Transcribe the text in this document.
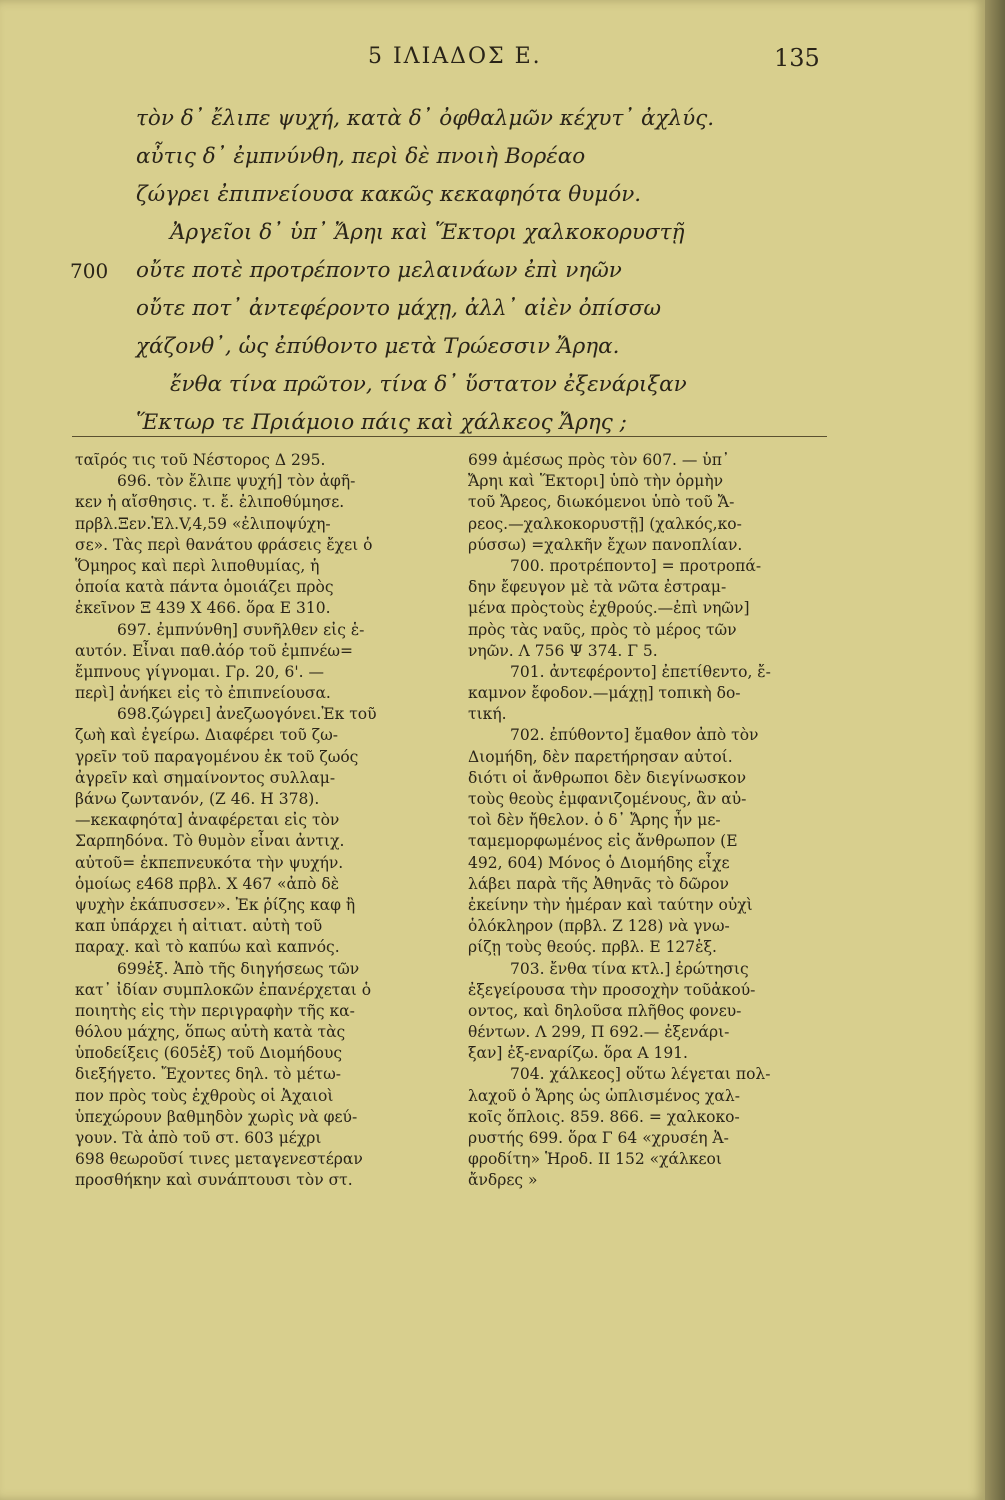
5 ΙΛΙΑΔΟΣ Ε.	135
τὸν δ᾿ ἔλιπε ψυχή, κατὰ δ᾿ ὀφθαλμῶν κέχυτ᾿ ἀχλύς.
αὖτις δ᾿ ἐμπνύνθη, περὶ δὲ πνοιὴ Βορέαο
ζώγρει ἐπιπνείουσα κακῶς κεκαφηότα θυμόν.
Ἀργεῖοι δ᾿ ὑπ᾿ Ἄρηι καὶ Ἕκτορι χαλκοκορυστῇ
700 οὔτε ποτὲ προτρέποντο μελαινάων ἐπὶ νηῶν
οὔτε ποτ᾿ ἀντεφέροντο μάχῃ, ἀλλ᾿ αἰὲν ὀπίσσω
χάζονθ᾿, ὡς ἐπύθοντο μετὰ Τρώεσσιν Ἄρηα.
ἔνθα τίνα πρῶτον, τίνα δ᾿ ὕστατον ἐξενάριξαν
Ἕκτωρ τε Πριάμοιο πάις καὶ χάλκεος Ἄρης ;
ταῖρός τις τοῦ Νέστορος Δ 295.
696. τὸν ἔλιπε ψυχή] τὸν ἀφῆ-
κεν ἡ αἴσθησις. τ. ἔ. ἐλιποθύμησε.
πρβλ.Ξεν.Ἑλ.V,4,59 «ἐλιποψύχη-
σε». Τὰς περὶ θανάτου φράσεις ἔχει ὁ
Ὅμηρος καὶ περὶ λιποθυμίας, ἡ
ὁποία κατὰ πάντα ὁμοιάζει πρὸς
ἐκεῖνον Ξ 439 Χ 466. ὅρα Ε 310.
697. ἐμπνύνθη] συνῆλθεν εἰς ἑ-
αυτόν. Εἶναι παθ.ἀόρ τοῦ ἐμπνέω=
ἔμπνους γίγνομαι. Γρ. 20, 6'. —
περὶ] ἀνήκει εἰς τὸ ἐπιπνείουσα.
698.ζώγρει] ἀνεζωογόνει.Ἐκ τοῦ
ζωὴ καὶ ἐγείρω. Διαφέρει τοῦ ζω-
γρεῖν τοῦ παραγομένου ἐκ τοῦ ζωός
ἀγρεῖν καὶ σημαίνοντος συλλαμ-
βάνω ζωντανόν, (Ζ 46. Η 378).
—κεκαφηότα] ἀναφέρεται εἰς τὸν
Σαρπηδόνα. Τὸ θυμὸν εἶναι ἀντιχ.
αὐτοῦ= ἐκπεπνευκότα τὴν ψυχήν.
ὁμοίως ε468 πρβλ. Χ 467 «ἀπὸ δὲ
ψυχὴν ἐκάπυσσεν». Ἐκ ῥίζης καφ ἢ
καπ ὑπάρχει ἡ αἰτιατ. αὐτὴ τοῦ
παραχ. καὶ τὸ καπύω καὶ καπνός.
699ἑξ. Ἀπὸ τῆς διηγήσεως τῶν
κατ᾿ ἰδίαν συμπλοκῶν ἐπανέρχεται ὁ
ποιητὴς εἰς τὴν περιγραφὴν τῆς κα-
θόλου μάχης, ὅπως αὐτὴ κατὰ τὰς
ὑποδείξεις (605ἑξ) τοῦ Διομήδους
διεξήγετο. Ἔχοντες δηλ. τὸ μέτω-
πον πρὸς τοὺς ἐχθροὺς οἱ Ἀχαιοὶ
ὑπεχώρουν βαθμηδὸν χωρὶς νὰ φεύ-
γουν. Τὰ ἀπὸ τοῦ στ. 603 μέχρι
698 θεωροῦσί τινες μεταγενεστέραν
προσθήκην καὶ συνάπτουσι τὸν στ.
699 ἀμέσως πρὸς τὸν 607. — ὑπ᾿
Ἄρηι καὶ Ἕκτορι] ὑπὸ τὴν ὁρμὴν
τοῦ Ἄρεος, διωκόμενοι ὑπὸ τοῦ Ἄ-
ρεος.—χαλκοκορυστῇ] (χαλκός,κο-
ρύσσω) =χαλκῆν ἔχων πανοπλίαν.
700. προτρέποντο] = προτροπά-
δην ἔφευγον μὲ τὰ νῶτα ἐστραμ-
μένα πρὸςτοὺς ἐχθρούς.—ἐπὶ νηῶν]
πρὸς τὰς ναῦς, πρὸς τὸ μέρος τῶν
νηῶν. Λ 756 Ψ 374. Γ 5.
701. ἀντεφέροντο] ἐπετίθεντο, ἔ-
καμνον ἔφοδον.—μάχῃ] τοπικὴ δο-
τική.
702. ἐπύθοντο] ἔμαθον ἀπὸ τὸν
Διομήδη, δὲν παρετήρησαν αὐτοί.
διότι οἱ ἄνθρωποι δὲν διεγίνωσκον
τοὺς θεοὺς ἐμφανιζομένους, ἂν αὐ-
τοὶ δὲν ἤθελον. ὁ δ᾿ Ἄρης ἦν με-
ταμεμορφωμένος εἰς ἄνθρωπον (Ε
492, 604) Μόνος ὁ Διομήδης εἶχε
λάβει παρὰ τῆς Ἀθηνᾶς τὸ δῶρον
ἐκείνην τὴν ἡμέραν καὶ ταύτην οὐχὶ
ὁλόκληρον (πρβλ. Ζ 128) νὰ γνω-
ρίζῃ τοὺς θεούς. πρβλ. Ε 127ἑξ.
703. ἔνθα τίνα κτλ.] ἐρώτησις
ἐξεγείρουσα τὴν προσοχὴν τοῦἀκού-
οντος, καὶ δηλοῦσα πλῆθος φονευ-
θέντων. Λ 299, Π 692.— ἐξενάρι-
ξαν] ἐξ-εναρίζω. ὅρα Α 191.
704. χάλκεος] οὕτω λέγεται πολ-
λαχοῦ ὁ Ἄρης ὡς ὡπλισμένος χαλ-
κοῖς ὅπλοις. 859. 866. = χαλκοκο-
ρυστής 699. ὅρα Γ 64 «χρυσέη Ἀ-
φροδίτη» Ἡροδ. ΙΙ 152 «χάλκεοι
ἄνδρες »
